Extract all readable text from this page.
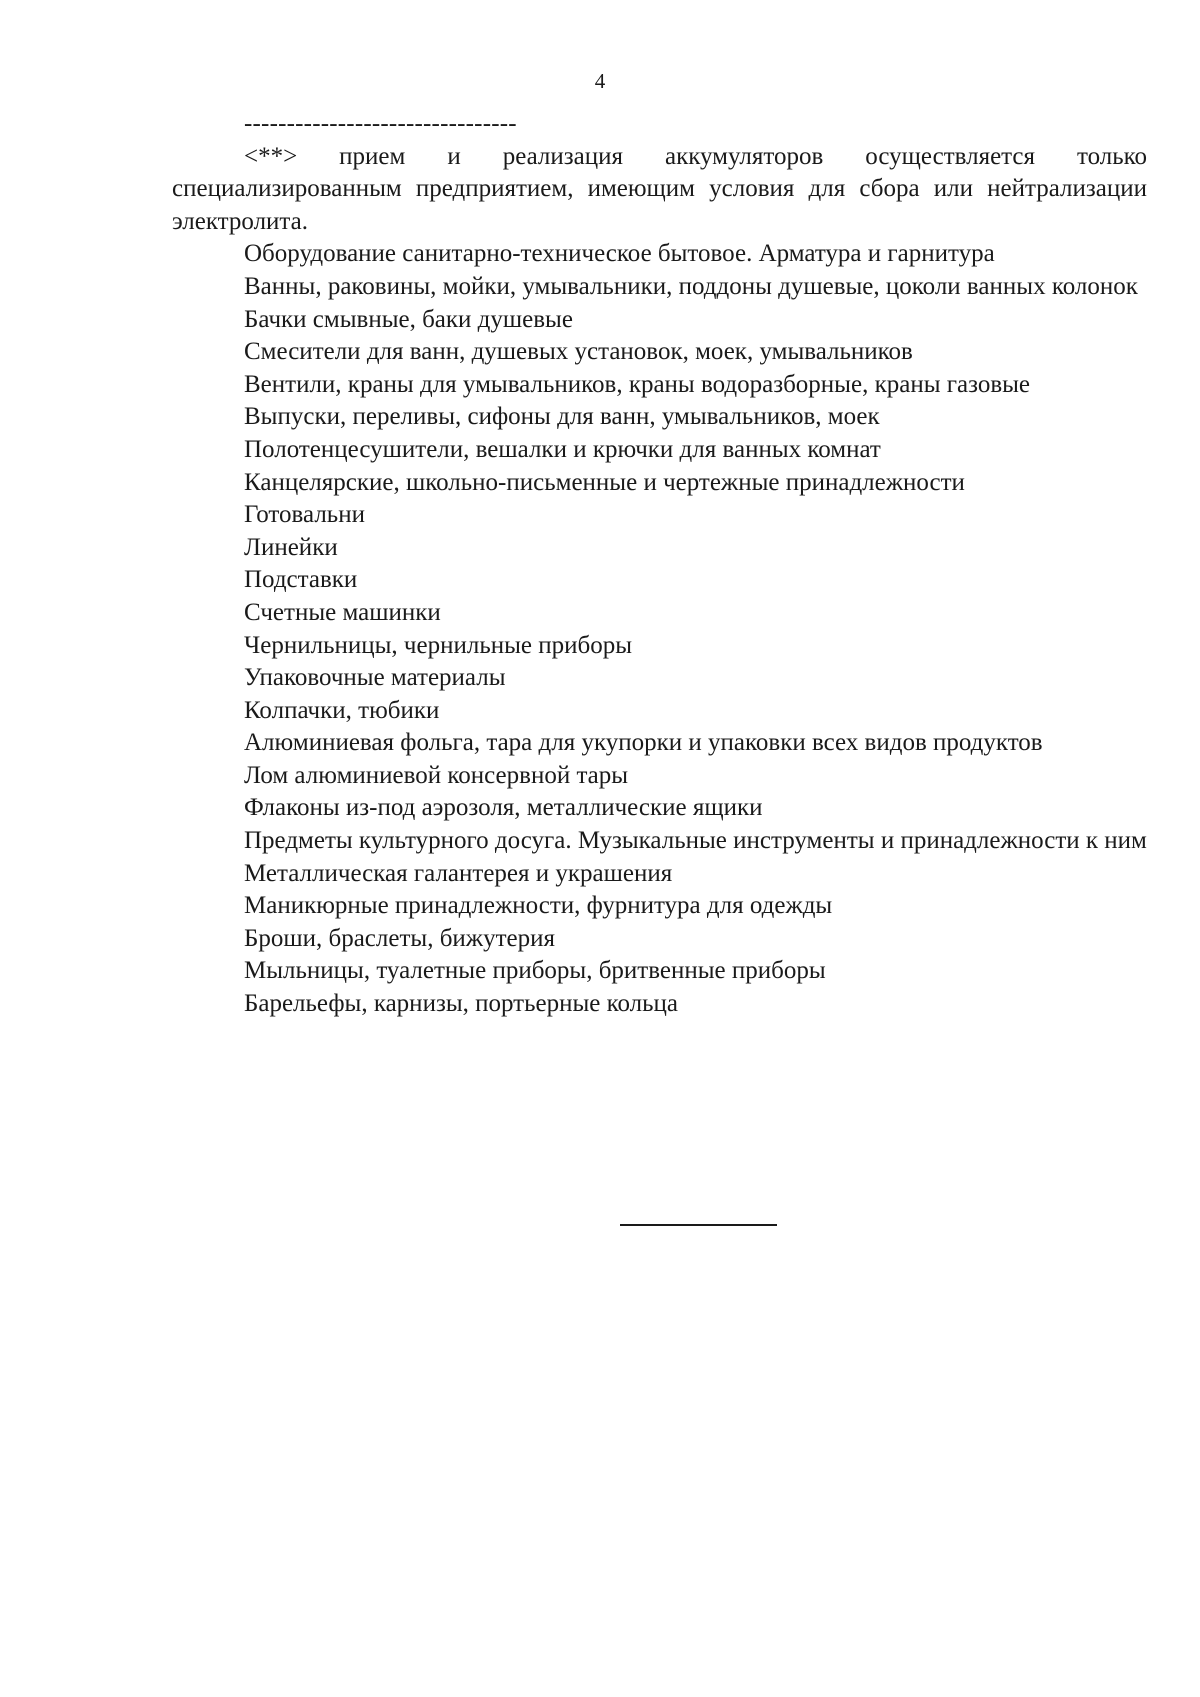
4

--------------------------------

<**> прием и реализация аккумуляторов осуществляется только специализированным предприятием, имеющим условия для сбора или нейтрализации электролита.

Оборудование санитарно-техническое бытовое. Арматура и гарнитура

Ванны, раковины, мойки, умывальники, поддоны душевые, цоколи ванных колонок

Бачки смывные, баки душевые

Смесители для ванн, душевых установок, моек, умывальников

Вентили, краны для умывальников, краны водоразборные, краны газовые

Выпуски, переливы, сифоны для ванн, умывальников, моек

Полотенцесушители, вешалки и крючки для ванных комнат

Канцелярские, школьно-письменные и чертежные принадлежности

Готовальни

Линейки

Подставки

Счетные машинки

Чернильницы, чернильные приборы

Упаковочные материалы

Колпачки, тюбики

Алюминиевая фольга, тара для укупорки и упаковки всех видов продуктов

Лом алюминиевой консервной тары

Флаконы из-под аэрозоля, металлические ящики

Предметы культурного досуга. Музыкальные инструменты и принадлежности к ним

Металлическая галантерея и украшения

Маникюрные принадлежности, фурнитура для одежды

Броши, браслеты, бижутерия

Мыльницы, туалетные приборы, бритвенные приборы

Барельефы, карнизы, портьерные кольца
